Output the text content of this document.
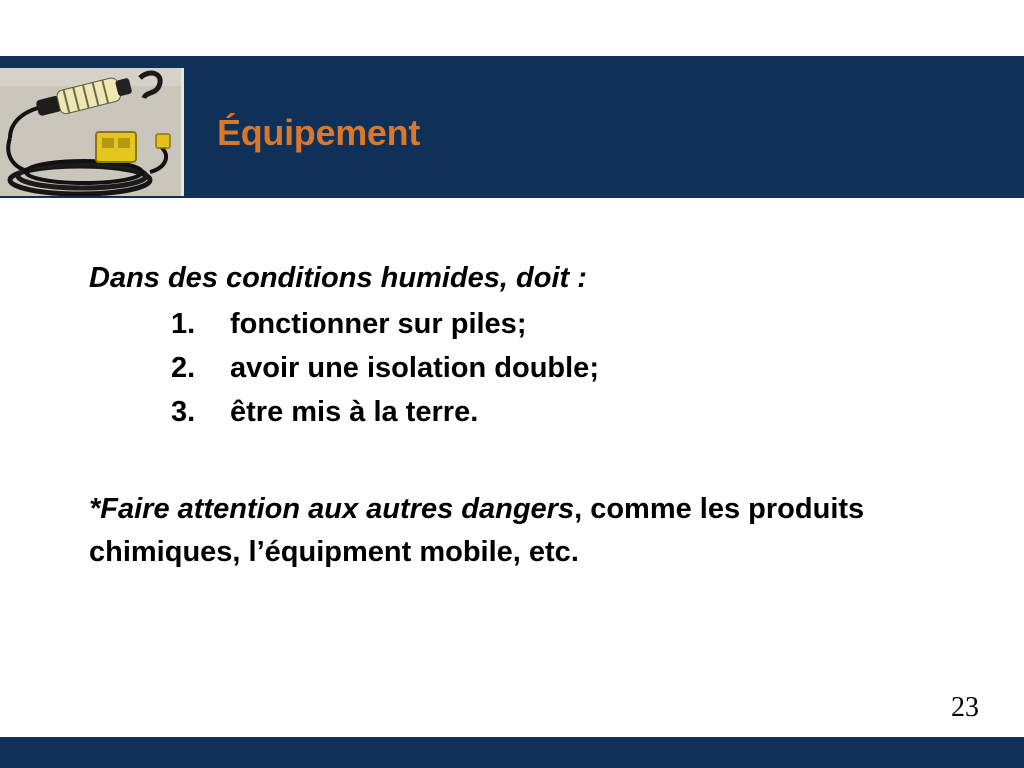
Équipement

Dans des conditions humides, doit :

1. fonctionner sur piles;
2. avoir une isolation double;
3. être mis à la terre.
*Faire attention aux autres dangers, comme les produits chimiques, l’équipment mobile, etc.
23
